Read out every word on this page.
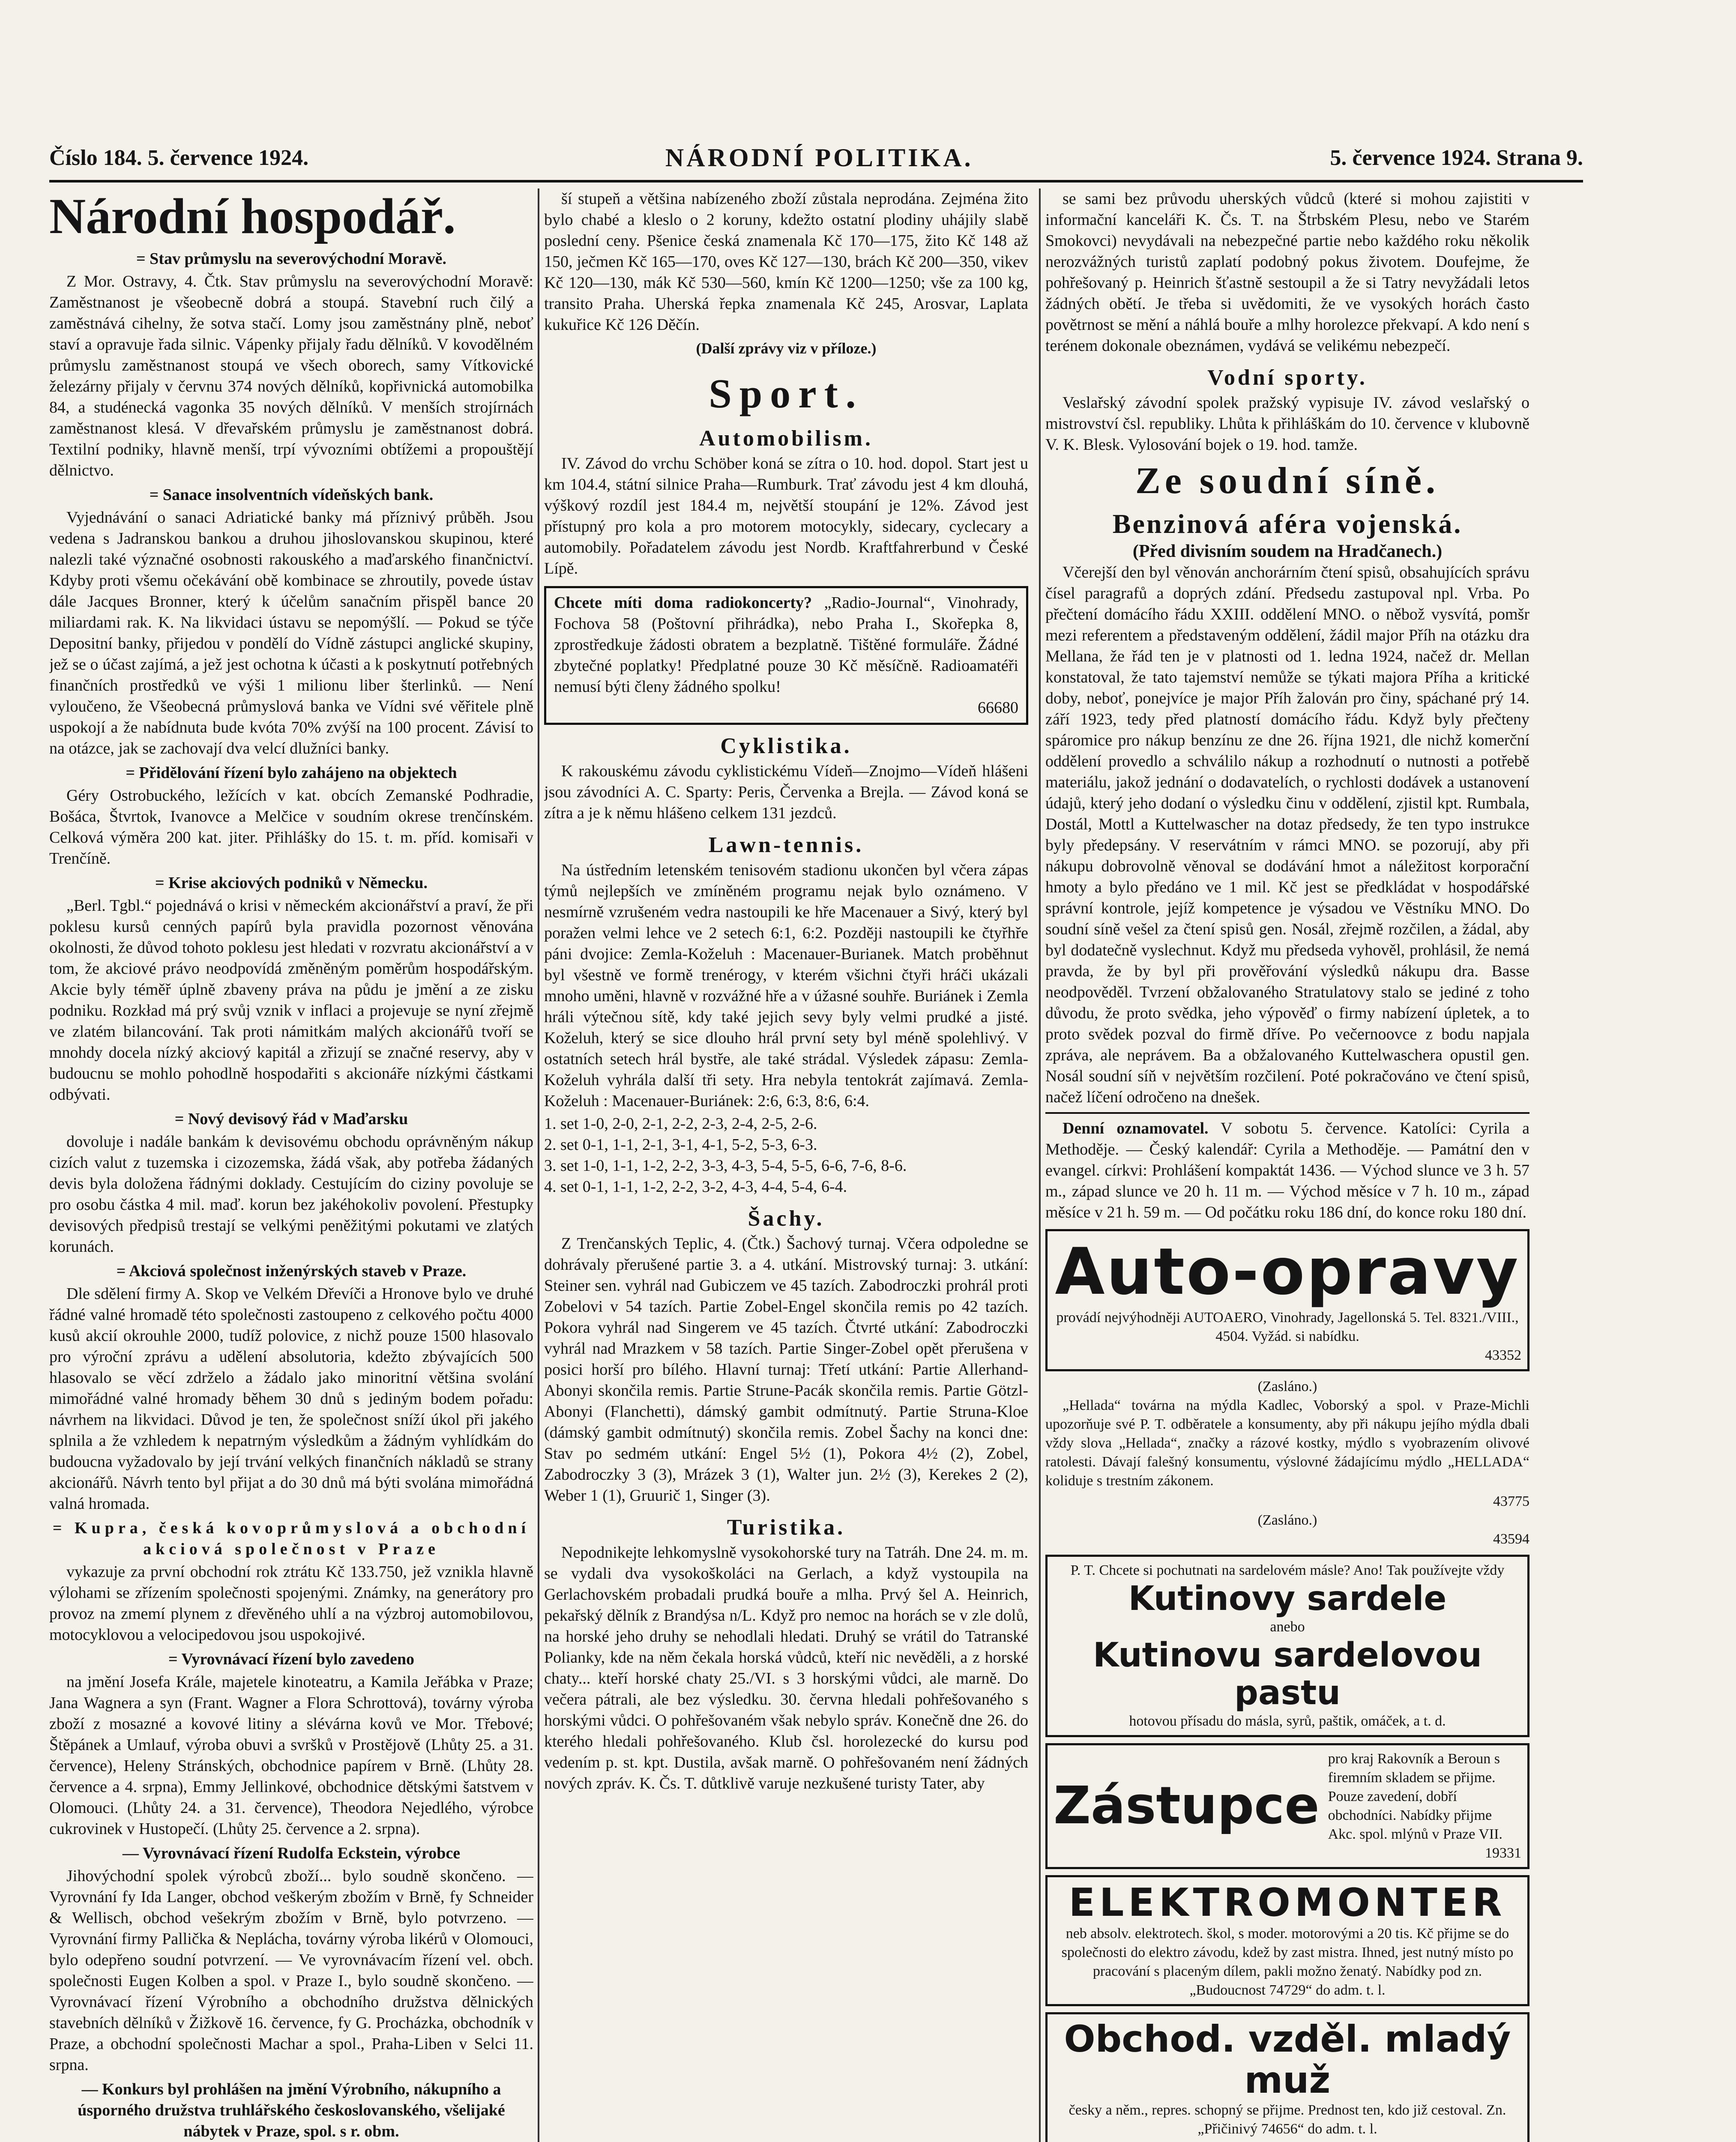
Číslo 184. 5. července 1924.	NÁRODNÍ POLITIKA.	5. července 1924. Strana 9.
Národní hospodář.
= Stav průmyslu na severovýchodní Moravě.

Z Mor. Ostravy, 4. Čtk. Stav průmyslu na severovýchodní Moravě: Zaměstnanost je všeobecně dobrá a stoupá. Stavební ruch čilý a zaměstnává cihelny, že sotva stačí. Lomy jsou zaměstnány plně, neboť staví a opravuje řada silnic. Vápenky přijaly řadu dělníků. V kovodělném průmyslu zaměstnanost stoupá ve všech oborech, samy Vítkovické železárny přijaly v červnu 374 nových dělníků, kopřivnická automobilka 84, a studénecká vagonka 35 nových dělníků. V menších strojírnách zaměstnanost klesá. V dřevařském průmyslu je zaměstnanost dobrá. Textilní podniky, hlavně menší, trpí vývozními obtížemi a propouštějí dělnictvo.

= Sanace insolventních vídeňských bank.

Vyjednávání o sanaci Adriatické banky má příznivý průběh. Jsou vedena s Jadranskou bankou a druhou jihoslovanskou skupinou, které nalezli také význačné osobnosti rakouského a maďarského finančnictví. Kdyby proti všemu očekávání obě kombinace se zhroutily, povede ústav dále Jacques Bronner, který k účelům sanačním přispěl bance 20 miliardami rak. K. Na likvidaci ústavu se nepomýšlí. — Pokud se týče Depositní banky, přijedou v pondělí do Vídně zástupci anglické skupiny, jež se o účast zajímá, a jež jest ochotna k účasti a k poskytnutí potřebných finančních prostředků ve výši 1 milionu liber šterlinků. — Není vyloučeno, že Všeobecná průmyslová banka ve Vídni své věřitele plně uspokojí a že nabídnuta bude kvóta 70% zvýší na 100 procent. Závisí to na otázce, jak se zachovají dva velcí dlužníci banky.

= Přidělování řízení bylo zahájeno na objektech

Géry Ostrobuckého, ležících v kat. obcích Zemanské Podhradie, Bošáca, Štvrtok, Ivanovce a Melčice v soudním okrese trenčínském. Celková výměra 200 kat. jiter. Přihlášky do 15. t. m. příd. komisaři v Trenčíně.

= Krise akciových podniků v Německu.

„Berl. Tgbl.“ pojednává o krisi v německém akcionářství a praví, že při poklesu kursů cenných papírů byla pravidla pozornost věnována okolnosti, že důvod tohoto poklesu jest hledati v rozvratu akcionářství a v tom, že akciové právo neodpovídá změněným poměrům hospodářským. Akcie byly téměř úplně zbaveny práva na půdu je jmění a ze zisku podniku. Rozkład má prý svůj vznik v inflaci a projevuje se nyní zřejmě ve zlatém bilancování. Tak proti námitkám malých akcionářů tvoří se mnohdy docela nízký akciový kapitál a zřizují se značné reservy, aby v budoucnu se mohlo pohodlně hospodařiti s akcionáře nízkými částkami odbývati.

= Nový devisový řád v Maďarsku

dovoluje i nadále bankám k devisovému obchodu oprávněným nákup cizích valut z tuzemska i cizozemska, žádá však, aby potřeba žádaných devis byla doložena řádnými doklady. Cestujícím do ciziny povoluje se pro osobu částka 4 mil. maď. korun bez jakéhokoliv povolení. Přestupky devisových předpisů trestají se velkými peněžitými pokutami ve zlatých korunách.

= Akciová společnost inženýrských staveb v Praze.

Dle sdělení firmy A. Skop ve Velkém Dřevíči a Hronove bylo ve druhé řádné valné hromadě této společnosti zastoupeno z celkového počtu 4000 kusů akcií okrouhle 2000, tudíž polovice, z nichž pouze 1500 hlasovalo pro výroční zprávu a udělení absolutoria, kdežto zbývajících 500 hlasovalo se věcí zdrželo a žádalo jako minoritní většina svolání mimořádné valné hromady během 30 dnů s jediným bodem pořadu: návrhem na likvidaci. Důvod je ten, že společnost sníží úkol při jakého splnila a že vzhledem k nepatrným výsledkům a žádným vyhlídkám do budoucna vyžadovalo by její trvání velkých finančních nákladů se strany akcionářů. Návrh tento byl přijat a do 30 dnů má býti svolána mimořádná valná hromada.

= Kupra, česká kovoprůmyslová a obchodní akciová společnost v Praze

vykazuje za první obchodní rok ztrátu Kč 133.750, jež vznikla hlavně výlohami se zřízením společnosti spojenými. Známky, na generátory pro provoz na zmemí plynem z dřevěného uhlí a na výzbroj automobilovou, motocyklovou a velocipedovou jsou uspokojivé.

= Vyrovnávací řízení bylo zavedeno

na jmění Josefa Krále, majetele kinoteatru, a Kamila Jeřábka v Praze; Jana Wagnera a syn (Frant. Wagner a Flora Schrottová), továrny výroba zboží z mosazné a kovové litiny a slévárna kovů ve Mor. Třebové; Štěpánek a Umlauf, výroba obuvi a svršků v Prostějově (Lhůty 25. a 31. července), Heleny Stránských, obchodnice papírem v Brně. (Lhůty 28. července a 4. srpna), Emmy Jellinkové, obchodnice dětskými šatstvem v Olomouci. (Lhůty 24. a 31. července), Theodora Nejedlého, výrobce cukrovinek v Hustopečí. (Lhůty 25. července a 2. srpna).

— Vyrovnávací řízení Rudolfa Eckstein, výrobce

Jihovýchodní spolek výrobců zboží... bylo soudně skončeno. — Vyrovnání fy Ida Langer, obchod veškerým zbožím v Brně, fy Schneider & Wellisch, obchod vešekrým zbožím v Brně, bylo potvrzeno. — Vyrovnání firmy Pallička & Neplácha, továrny výroba likérů v Olomouci, bylo odepřeno soudní potvrzení. — Ve vyrovnávacím řízení vel. obch. společnosti Eugen Kolben a spol. v Praze I., bylo soudně skončeno. — Vyrovnávací řízení Výrobního a obchodního družstva dělnických stavebních dělníků v Žižkově 16. července, fy G. Procházka, obchodník v Praze, a obchodní společnosti Machar a spol., Praha-Liben v Selci 11. srpna.

— Konkurs byl prohlášen na jmění Výrobního, nákupního a úsporného družstva truhlářského českoslovanského, všelijaké nábytek v Praze, spol. s r. obm.

ší stupeň a většina nabízeného zboží zůstala neprodána. Zejména žito bylo chabé a kleslo o 2 koruny, kdežto ostatní plodiny uhájily slabě poslední ceny. Pšenice česká znamenala Kč 170—175, žito Kč 148 až 150, ječmen Kč 165—170, oves Kč 127—130, brách Kč 200—350, vikev Kč 120—130, mák Kč 530—560, kmín Kč 1200—1250; vše za 100 kg, transito Praha. Uherská řepka znamenala Kč 245, Arosvar, Laplata kukuřice Kč 126 Děčín.

(Další zprávy viz v příloze.)
Sport.
Automobilism.

IV. Závod do vrchu Schöber koná se zítra o 10. hod. dopol. Start jest u km 104.4, státní silnice Praha—Rumburk. Trať závodu jest 4 km dlouhá, výškový rozdíl jest 184.4 m, největší stoupání je 12%. Závod jest přístupný pro kola a pro motorem motocykly, sidecary, cyclecary a automobily. Pořadatelem závodu jest Nordb. Kraftfahrerbund v České Lípě.

Chcete míti doma radiokoncerty? „Radio-Journal“, Vinohrady, Fochova 58 (Poštovní přihrádka), nebo Praha I., Skořepka 8, zprostředkuje žádosti obratem a bezplatně. Tištěné formuláře. Žádné zbytečné poplatky! Předplatné pouze 30 Kč měsíčně. Radioamatéři nemusí býti členy žádného spolku!
66680
Cyklistika.

K rakouskému závodu cyklistickému Vídeň—Znojmo—Vídeň hlášeni jsou závodníci A. C. Sparty: Peris, Červenka a Brejla. — Závod koná se zítra a je k němu hlášeno celkem 131 jezdců.

Lawn-tennis.

Na ústředním letenském tenisovém stadionu ukončen byl včera zápas týmů nejlepších ve zmíněném programu nejak bylo oznámeno. V nesmírně vzrušeném vedra nastoupili ke hře Macenauer a Sivý, který byl poražen velmi lehce ve 2 setech 6:1, 6:2. Později nastoupili ke čtyřhře páni dvojice: Zemla-Koželuh : Macenauer-Burianek. Match proběhnut byl všestně ve formě trenérogy, v kterém všichni čtyři hráči ukázali mnoho uměni, hlavně v rozvážné hře a v úžasné souhře. Buriánek i Zemla hráli výtečnou sítě, kdy také jejich sevy byly velmi prudké a jisté. Koželuh, který se sice dlouho hrál první sety byl méně spolehlivý. V ostatních setech hrál bystře, ale také strádal. Výsledek zápasu: Zemla-Koželuh vyhrála další tři sety. Hra nebyla tentokrát zajímavá. Zemla-Koželuh : Macenauer-Buriánek: 2:6, 6:3, 8:6, 6:4.

1. set 1-0, 2-0, 2-1, 2-2, 2-3, 2-4, 2-5, 2-6.
2. set 0-1, 1-1, 2-1, 3-1, 4-1, 5-2, 5-3, 6-3.
3. set 1-0, 1-1, 1-2, 2-2, 3-3, 4-3, 5-4, 5-5, 6-6, 7-6, 8-6.
4. set 0-1, 1-1, 1-2, 2-2, 3-2, 4-3, 4-4, 5-4, 6-4.
Šachy.

Z Trenčanských Teplic, 4. (Čtk.) Šachový turnaj. Včera odpoledne se dohrávaly přerušené partie 3. a 4. utkání. Mistrovský turnaj: 3. utkání: Steiner sen. vyhrál nad Gubiczem ve 45 tazích. Zabodroczki prohrál proti Zobelovi v 54 tazích. Partie Zobel-Engel skončila remis po 42 tazích. Pokora vyhrál nad Singerem ve 45 tazích. Čtvrté utkání: Zabodroczki vyhrál nad Mrazkem v 58 tazích. Partie Singer-Zobel opět přerušena v posici horší pro bílého. Hlavní turnaj: Třetí utkání: Partie Allerhand-Abonyi skončila remis. Partie Strune-Pacák skončila remis. Partie Götzl-Abonyi (Flanchetti), dámský gambit odmítnutý. Partie Struna-Kloe (dámský gambit odmítnutý) skončila remis. Zobel Šachy na konci dne: Stav po sedmém utkání: Engel 5½ (1), Pokora 4½ (2), Zobel, Zabodroczky 3 (3), Mrázek 3 (1), Walter jun. 2½ (3), Kerekes 2 (2), Weber 1 (1), Gruurič 1, Singer (3).

Turistika.

Nepodnikejte lehkomyslně vysokohorské tury na Tatráh. Dne 24. m. m. se vydali dva vysokoškoláci na Gerlach, a když vystoupila na Gerlachovském probadali prudká bouře a mlha. Prvý šel A. Heinrich, pekařský dělník z Brandýsa n/L. Když pro nemoc na horách se v zle dolů, na horské jeho druhy se nehodlali hledati. Druhý se vrátil do Tatranské Polianky, kde na něm čekala horská vůdců, kteří nic nevěděli, a z horské chaty... kteří horské chaty 25./VI. s 3 horskými vůdci, ale marně. Do večera pátrali, ale bez výsledku. 30. června hledali pohřešovaného s horskými vůdci. O pohřešovaném však nebylo správ. Konečně dne 26. do kterého hledali pohřešovaného. Klub čsl. horolezecké do kursu pod vedením p. st. kpt. Dustila, avšak marně. O pohřešovaném není žádných nových zpráv. K. Čs. T. důtklivě varuje nezkušené turisty Tater, aby

se sami bez průvodu uherských vůdců (které si mohou zajistiti v informační kanceláři K. Čs. T. na Štrbském Plesu, nebo ve Starém Smokovci) nevydávali na nebezpečné partie nebo každého roku několik nerozvážných turistů zaplatí podobný pokus životem. Doufejme, že pohřešovaný p. Heinrich šťastně sestoupil a že si Tatry nevyžádali letos žádných obětí. Je třeba si uvědomiti, že ve vysokých horách často povětrnost se mění a náhlá bouře a mlhy horolezce překvapí. A kdo není s terénem dokonale obeznámen, vydává se velikému nebezpečí.

Vodní sporty.

Veslařský závodní spolek pražský vypisuje IV. závod veslařský o mistrovství čsl. republiky. Lhůta k přihláškám do 10. července v klubovně V. K. Blesk. Vylosování bojek o 19. hod. tamže.

Ze soudní síně.
Benzinová aféra vojenská.
(Před divisním soudem na Hradčanech.)

Včerejší den byl věnován anchorárním čtení spisů, obsahujících správu čísel paragrafů a doprých zdání. Předsedu zastupoval npl. Vrba. Po přečtení domácího řádu XXIII. oddělení MNO. o něbož vysvítá, pomšr mezi referentem a představeným oddělení, žádil major Příh na otázku dra Mellana, že řád ten je v platnosti od 1. ledna 1924, načež dr. Mellan konstatoval, že tato tajemství nemůže se týkati majora Příha a kritické doby, neboť, ponejvíce je major Příh žalován pro činy, spáchané prý 14. září 1923, tedy před platností domácího řádu. Když byly přečteny spáromice pro nákup benzínu ze dne 26. října 1921, dle nichž komerční oddělení provedlo a schválilo nákup a rozhodnutí o nutnosti a potřebě materiálu, jakož jednání o dodavatelích, o rychlosti dodávek a ustanovení údajů, který jeho dodaní o výsledku činu v oddělení, zjistil kpt. Rumbala, Dostál, Mottl a Kuttelwascher na dotaz předsedy, že ten typo instrukce byly předepsány. V reservátním v rámci MNO. se pozorují, aby při nákupu dobrovolně věnoval se dodávání hmot a náležitost korporační hmoty a bylo předáno ve 1 mil. Kč jest se předkládat v hospodářské správní kontrole, jejíž kompetence je výsadou ve Věstníku MNO. Do soudní síně vešel za čtení spisů gen. Nosál, zřejmě rozčilen, a žádal, aby byl dodatečně vyslechnut. Když mu předseda vyhověl, prohlásil, že nemá pravda, že by byl při prověřování výsledků nákupu dra. Basse neodpověděl. Tvrzení obžalovaného Stratulatovy stalo se jediné z toho důvodu, že proto svědka, jeho výpověď o firmy nabízení úpletek, a to proto svědek pozval do firmě dříve. Po večernoovce z bodu napjala zpráva, ale neprávem. Ba a obžalovaného Kuttelwaschera opustil gen. Nosál soudní síň v největším rozčilení. Poté pokračováno ve čtení spisů, načež líčení odročeno na dnešek.

Denní oznamovatel. V sobotu 5. července. Katolíci: Cyrila a Methoděje. — Český kalendář: Cyrila a Methoděje. — Památní den v evangel. církvi: Prohlášení kompaktát 1436. — Východ slunce ve 3 h. 57 m., západ slunce ve 20 h. 11 m. — Východ měsíce v 7 h. 10 m., západ měsíce v 21 h. 59 m. — Od počátku roku 186 dní, do konce roku 180 dní.

Auto-opravy
provádí nejvýhodněji AUTOAERO, Vinohrady, Jagellonská 5. Tel. 8321./VIII., 4504. Vyžád. si nabídku.
43352
(Zasláno.)

„Hellada“ továrna na mýdla Kadlec, Voborský a spol. v Praze-Michli upozorňuje své P. T. odběratele a konsumenty, aby při nákupu jejího mýdla dbali vždy slova „Hellada“, značky a rázové kostky, mýdlo s vyobrazením olivové ratolesti. Dávají falešný konsumentu, výslovné žádajícímu mýdlo „HELLADA“ koliduje s trestním zákonem.

43775
(Zasláno.)
43594
P. T. Chcete si pochutnati na sardelovém másle? Ano! Tak používejte vždy
Kutinovy sardele
anebo
Kutinovu sardelovou pastu
hotovou přísadu do másla, syrů, paštik, omáček, a t. d.
Zástupce
pro kraj Rakovník a Beroun s firemním skladem se přijme. Pouze zavedení, dobří obchodníci. Nabídky přijme Akc. spol. mlýnů v Praze VII.
19331
ELEKTROMONTER
neb absolv. elektrotech. škol, s moder. motorovými a 20 tis. Kč přijme se do společnosti do elektro závodu, kdež by zast mistra. Ihned, jest nutný místo po pracování s placeným dílem, pakli možno ženatý. Nabídky pod zn. „Budoucnost 74729“ do adm. t. l.
Obchod. vzděl. mladý muž
česky a něm., repres. schopný se přijme. Prednost ten, kdo již cestoval. Zn. „Přičinivý 74656“ do adm. t. l.
